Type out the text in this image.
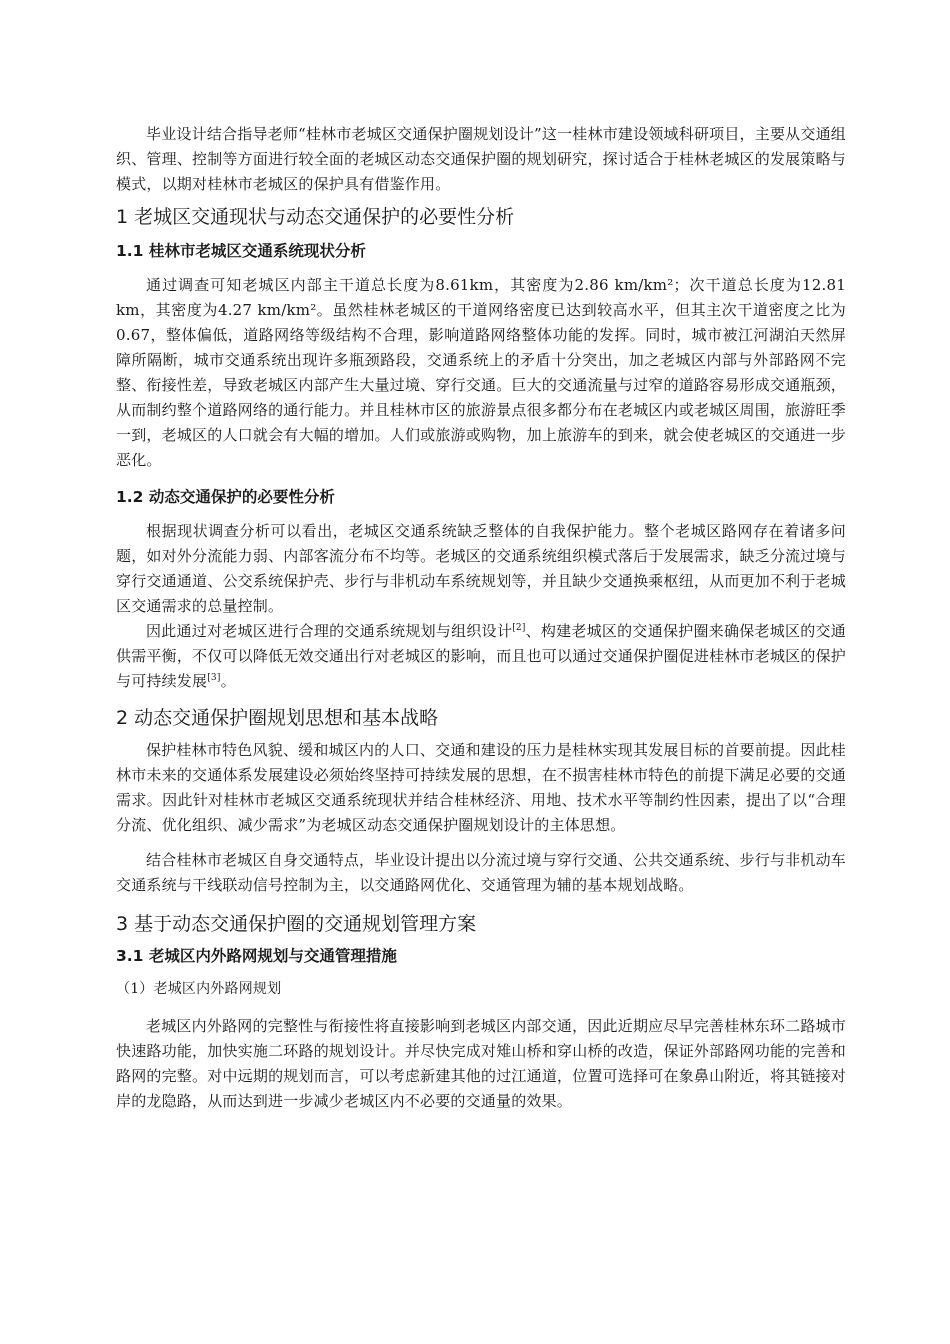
毕业设计结合指导老师“桂林市老城区交通保护圈规划设计”这一桂林市建设领域科研项目，主要从交通组织、管理、控制等方面进行较全面的老城区动态交通保护圈的规划研究，探讨适合于桂林老城区的发展策略与模式，以期对桂林市老城区的保护具有借鉴作用。

1 老城区交通现状与动态交通保护的必要性分析
1.1 桂林市老城区交通系统现状分析

通过调查可知老城区内部主干道总长度为8.61km，其密度为2.86 km/km²；次干道总长度为12.81 km，其密度为4.27 km/km²。虽然桂林老城区的干道网络密度已达到较高水平，但其主次干道密度之比为0.67，整体偏低，道路网络等级结构不合理，影响道路网络整体功能的发挥。同时，城市被江河湖泊天然屏障所隔断，城市交通系统出现许多瓶颈路段，交通系统上的矛盾十分突出，加之老城区内部与外部路网不完整、衔接性差，导致老城区内部产生大量过境、穿行交通。巨大的交通流量与过窄的道路容易形成交通瓶颈，从而制约整个道路网络的通行能力。并且桂林市区的旅游景点很多都分布在老城区内或老城区周围，旅游旺季一到，老城区的人口就会有大幅的增加。人们或旅游或购物，加上旅游车的到来，就会使老城区的交通进一步恶化。

1.2 动态交通保护的必要性分析

根据现状调查分析可以看出，老城区交通系统缺乏整体的自我保护能力。整个老城区路网存在着诸多问题，如对外分流能力弱、内部客流分布不均等。老城区的交通系统组织模式落后于发展需求，缺乏分流过境与穿行交通通道、公交系统保护壳、步行与非机动车系统规划等，并且缺少交通换乘枢纽，从而更加不利于老城区交通需求的总量控制。

因此通过对老城区进行合理的交通系统规划与组织设计[2]、构建老城区的交通保护圈来确保老城区的交通供需平衡，不仅可以降低无效交通出行对老城区的影响，而且也可以通过交通保护圈促进桂林市老城区的保护与可持续发展[3]。

2 动态交通保护圈规划思想和基本战略

保护桂林市特色风貌、缓和城区内的人口、交通和建设的压力是桂林实现其发展目标的首要前提。因此桂林市未来的交通体系发展建设必须始终坚持可持续发展的思想，在不损害桂林市特色的前提下满足必要的交通需求。因此针对桂林市老城区交通系统现状并结合桂林经济、用地、技术水平等制约性因素，提出了以“合理分流、优化组织、减少需求”为老城区动态交通保护圈规划设计的主体思想。

结合桂林市老城区自身交通特点，毕业设计提出以分流过境与穿行交通、公共交通系统、步行与非机动车交通系统与干线联动信号控制为主，以交通路网优化、交通管理为辅的基本规划战略。

3 基于动态交通保护圈的交通规划管理方案
3.1 老城区内外路网规划与交通管理措施

（1）老城区内外路网规划

老城区内外路网的完整性与衔接性将直接影响到老城区内部交通，因此近期应尽早完善桂林东环二路城市快速路功能，加快实施二环路的规划设计。并尽快完成对雉山桥和穿山桥的改造，保证外部路网功能的完善和路网的完整。对中远期的规划而言，可以考虑新建其他的过江通道，位置可选择可在象鼻山附近，将其链接对岸的龙隐路，从而达到进一步减少老城区内不必要的交通量的效果。
